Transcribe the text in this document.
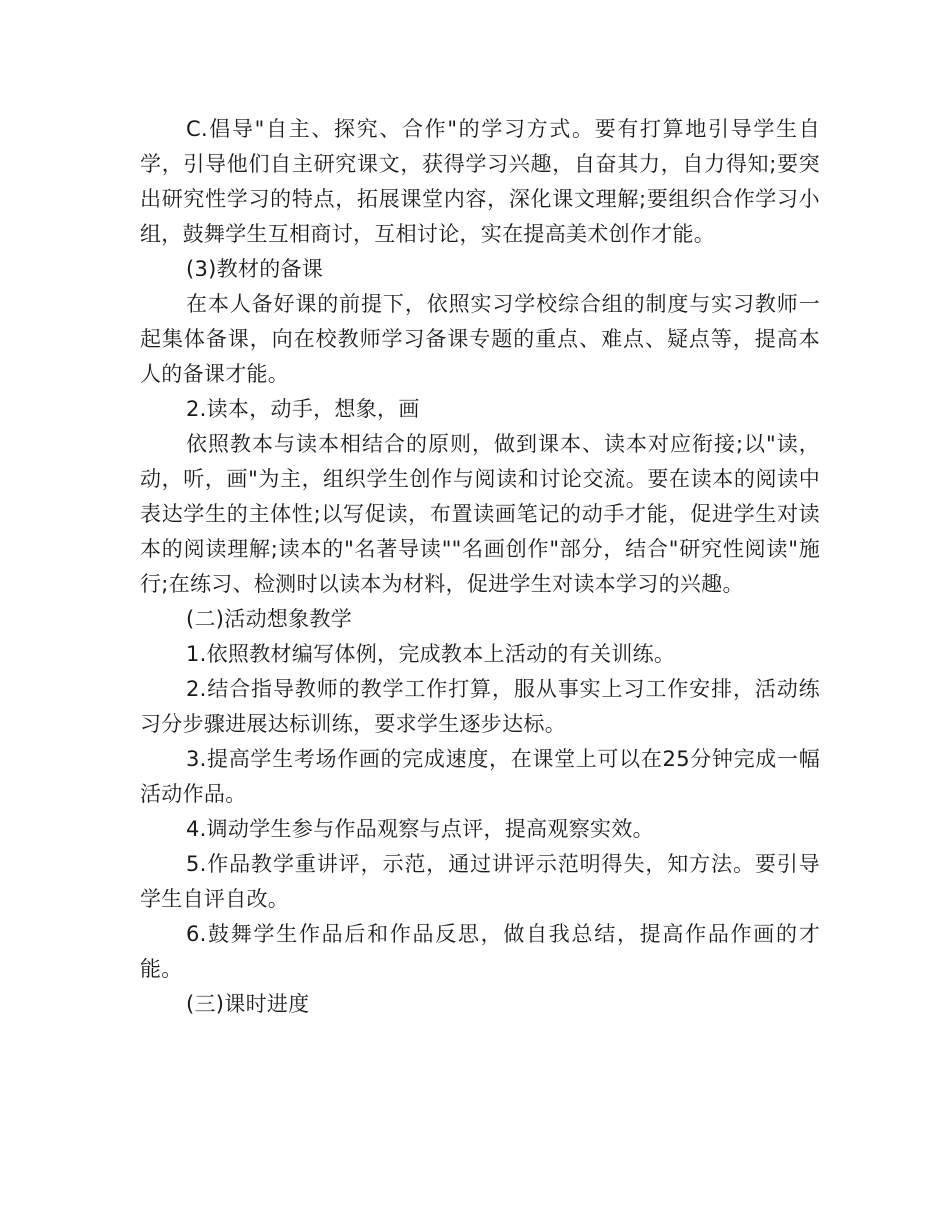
C.倡导"自主、探究、合作"的学习方式。要有打算地引导学生自学，引导他们自主研究课文，获得学习兴趣，自奋其力，自力得知;要突出研究性学习的特点，拓展课堂内容，深化课文理解;要组织合作学习小组，鼓舞学生互相商讨，互相讨论，实在提高美术创作才能。

(3)教材的备课

在本人备好课的前提下，依照实习学校综合组的制度与实习教师一起集体备课，向在校教师学习备课专题的重点、难点、疑点等，提高本人的备课才能。

2.读本，动手，想象，画

依照教本与读本相结合的原则，做到课本、读本对应衔接;以"读，动，听，画"为主，组织学生创作与阅读和讨论交流。要在读本的阅读中表达学生的主体性;以写促读，布置读画笔记的动手才能，促进学生对读本的阅读理解;读本的"名著导读""名画创作"部分，结合"研究性阅读"施行;在练习、检测时以读本为材料，促进学生对读本学习的兴趣。

(二)活动想象教学

1.依照教材编写体例，完成教本上活动的有关训练。

2.结合指导教师的教学工作打算，服从事实上习工作安排，活动练习分步骤进展达标训练，要求学生逐步达标。

3.提高学生考场作画的完成速度，在课堂上可以在25分钟完成一幅活动作品。

4.调动学生参与作品观察与点评，提高观察实效。

5.作品教学重讲评，示范，通过讲评示范明得失，知方法。要引导学生自评自改。

6.鼓舞学生作品后和作品反思，做自我总结，提高作品作画的才能。

(三)课时进度
